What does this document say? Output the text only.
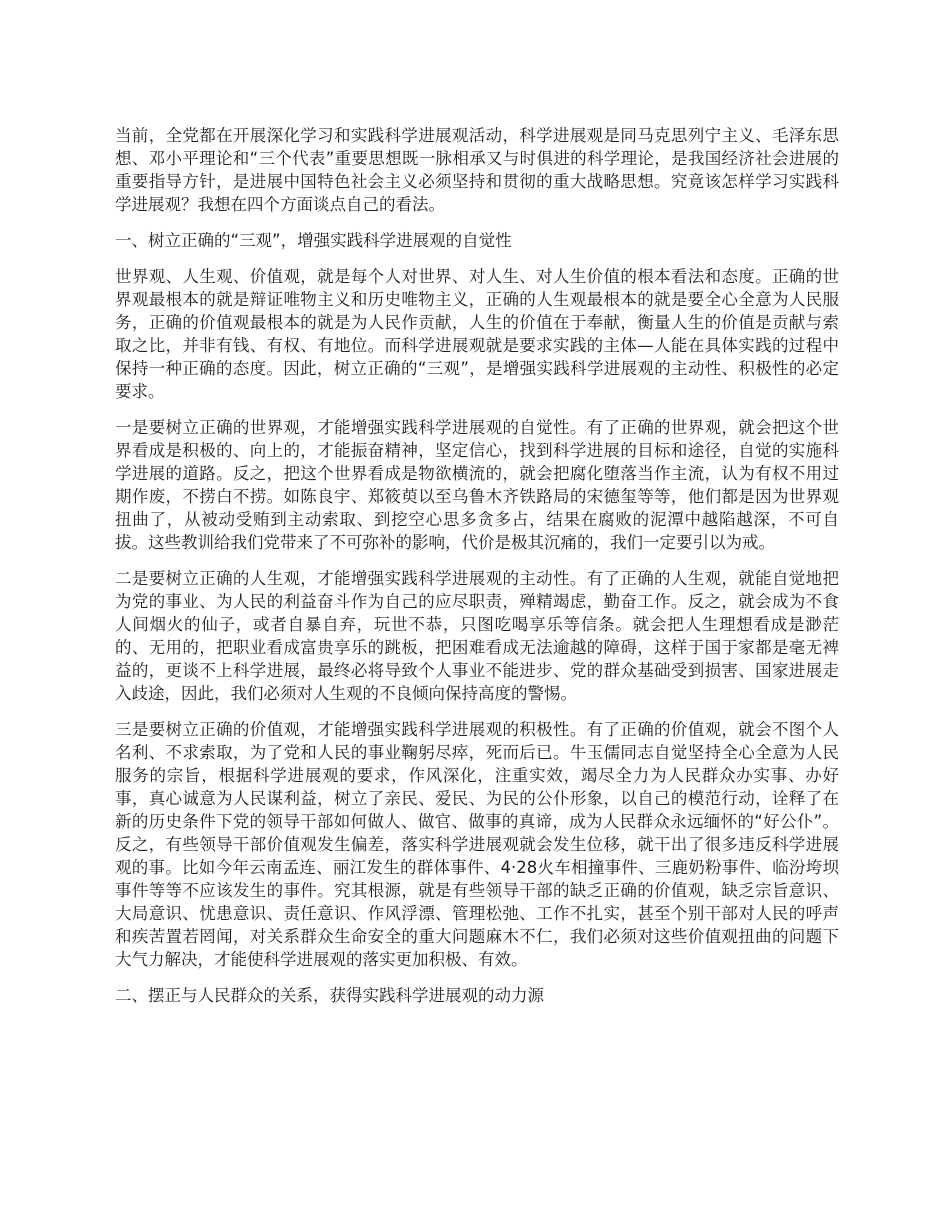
当前，全党都在开展深化学习和实践科学进展观活动，科学进展观是同马克思列宁主义、毛泽东思想、邓小平理论和“三个代表”重要思想既一脉相承又与时俱进的科学理论，是我国经济社会进展的重要指导方针，是进展中国特色社会主义必须坚持和贯彻的重大战略思想。究竟该怎样学习实践科学进展观？我想在四个方面谈点自己的看法。

一、树立正确的“三观”，增强实践科学进展观的自觉性

世界观、人生观、价值观，就是每个人对世界、对人生、对人生价值的根本看法和态度。正确的世界观最根本的就是辩证唯物主义和历史唯物主义，正确的人生观最根本的就是要全心全意为人民服务，正确的价值观最根本的就是为人民作贡献，人生的价值在于奉献，衡量人生的价值是贡献与索取之比，并非有钱、有权、有地位。而科学进展观就是要求实践的主体—人能在具体实践的过程中保持一种正确的态度。因此，树立正确的“三观”，是增强实践科学进展观的主动性、积极性的必定要求。

一是要树立正确的世界观，才能增强实践科学进展观的自觉性。有了正确的世界观，就会把这个世界看成是积极的、向上的，才能振奋精神，坚定信心，找到科学进展的目标和途径，自觉的实施科学进展的道路。反之，把这个世界看成是物欲横流的，就会把腐化堕落当作主流，认为有权不用过期作废，不捞白不捞。如陈良宇、郑筱萸以至乌鲁木齐铁路局的宋德玺等等，他们都是因为世界观扭曲了，从被动受贿到主动索取、到挖空心思多贪多占，结果在腐败的泥潭中越陷越深，不可自拔。这些教训给我们党带来了不可弥补的影响，代价是极其沉痛的，我们一定要引以为戒。

二是要树立正确的人生观，才能增强实践科学进展观的主动性。有了正确的人生观，就能自觉地把为党的事业、为人民的利益奋斗作为自己的应尽职责，殚精竭虑，勤奋工作。反之，就会成为不食人间烟火的仙子，或者自暴自弃，玩世不恭，只图吃喝享乐等信条。就会把人生理想看成是渺茫的、无用的，把职业看成富贵享乐的跳板，把困难看成无法逾越的障碍，这样于国于家都是毫无裨益的，更谈不上科学进展，最终必将导致个人事业不能进步、党的群众基础受到损害、国家进展走入歧途，因此，我们必须对人生观的不良倾向保持高度的警惕。

三是要树立正确的价值观，才能增强实践科学进展观的积极性。有了正确的价值观，就会不图个人名利、不求索取，为了党和人民的事业鞠躬尽瘁，死而后已。牛玉儒同志自觉坚持全心全意为人民服务的宗旨，根据科学进展观的要求，作风深化，注重实效，竭尽全力为人民群众办实事、办好事，真心诚意为人民谋利益，树立了亲民、爱民、为民的公仆形象，以自己的模范行动，诠释了在新的历史条件下党的领导干部如何做人、做官、做事的真谛，成为人民群众永远缅怀的“好公仆”。反之，有些领导干部价值观发生偏差，落实科学进展观就会发生位移，就干出了很多违反科学进展观的事。比如今年云南孟连、丽江发生的群体事件、4·28火车相撞事件、三鹿奶粉事件、临汾垮坝事件等等不应该发生的事件。究其根源，就是有些领导干部的缺乏正确的价值观，缺乏宗旨意识、大局意识、忧患意识、责任意识、作风浮漂、管理松弛、工作不扎实，甚至个别干部对人民的呼声和疾苦置若罔闻，对关系群众生命安全的重大问题麻木不仁，我们必须对这些价值观扭曲的问题下大气力解决，才能使科学进展观的落实更加积极、有效。

二、摆正与人民群众的关系，获得实践科学进展观的动力源
